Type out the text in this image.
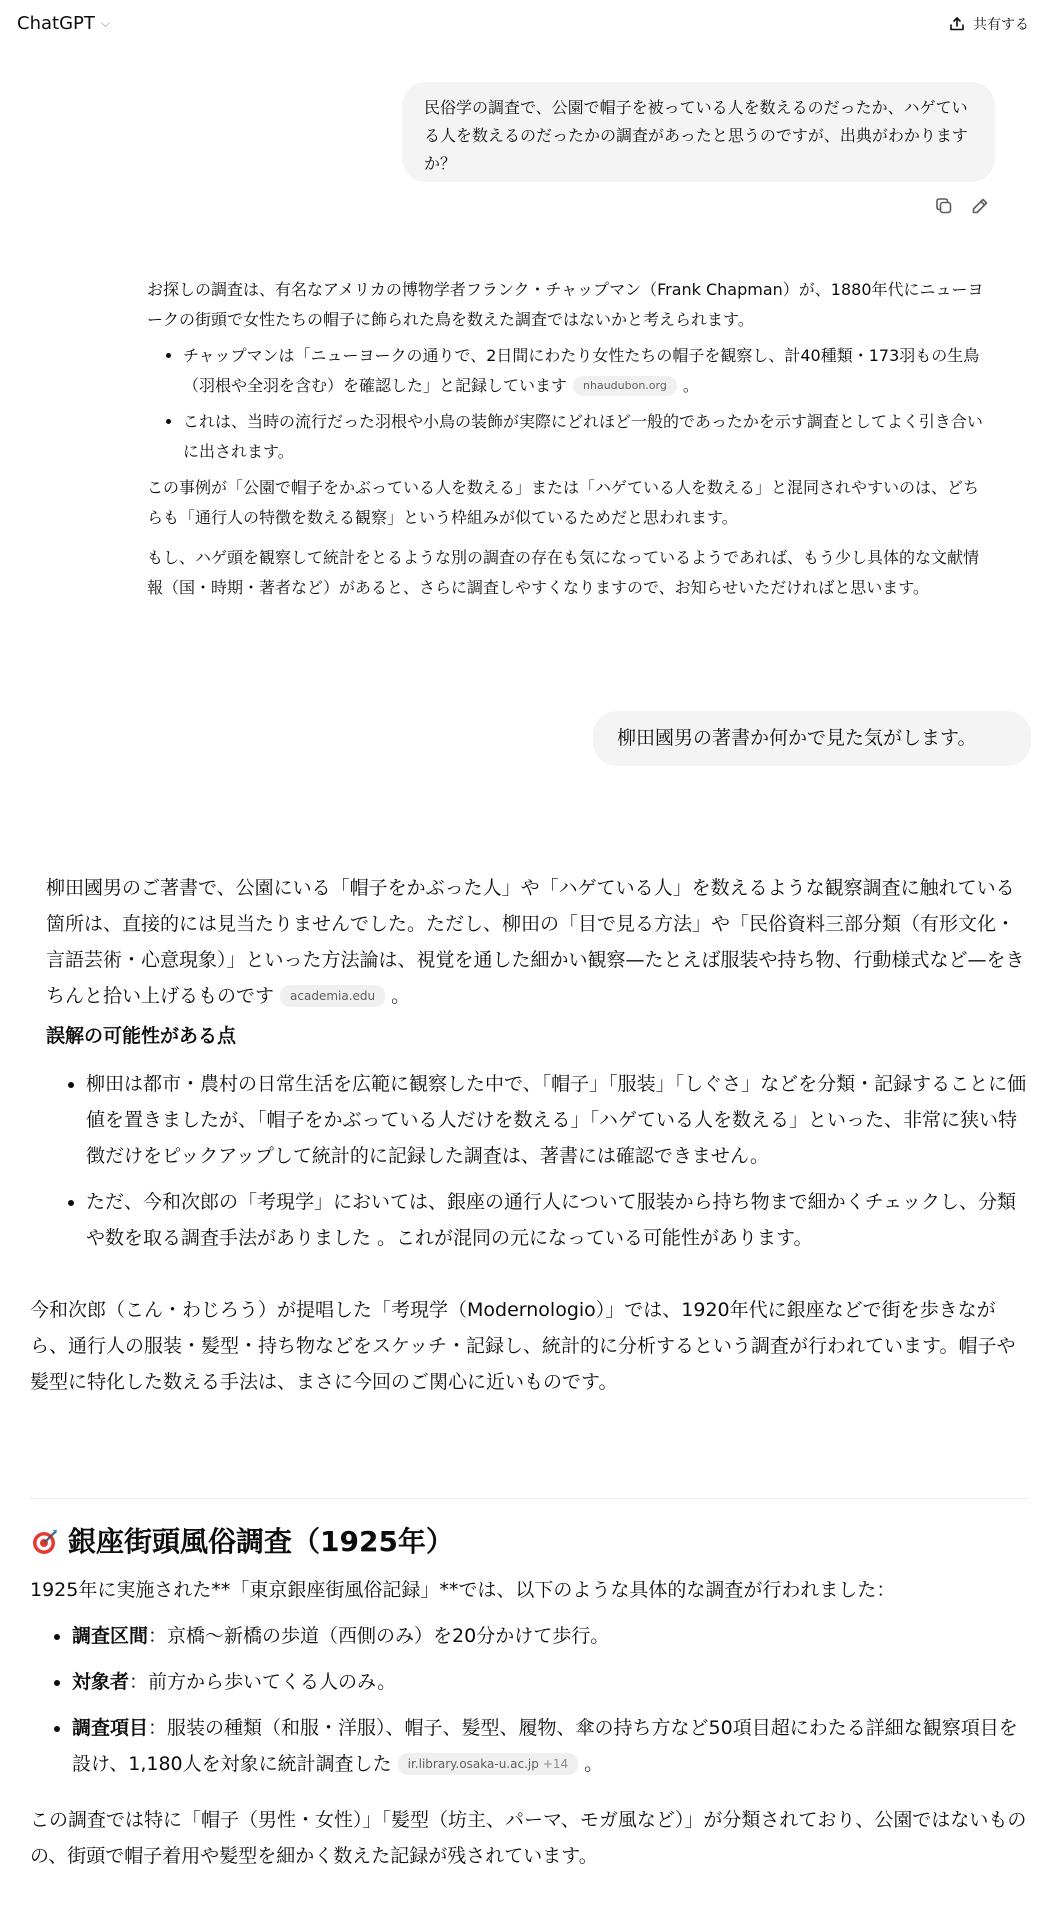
ChatGPT ⌵	共有する
民俗学の調査で、公園で帽子を被っている人を数えるのだったか、ハゲている人を数えるのだったかの調査があったと思うのですが、出典がわかりますか？

お探しの調査は、有名なアメリカの博物学者フランク・チャップマン（Frank Chapman）が、1880年代にニューヨークの街頭で女性たちの帽子に飾られた鳥を数えた調査ではないかと考えられます。

• チャップマンは「ニューヨークの通りで、2日間にわたり女性たちの帽子を観察し、計40種類・173羽もの生鳥（羽根や全羽を含む）を確認した」と記録しています nhaudubon.org 。
• これは、当時の流行だった羽根や小鳥の装飾が実際にどれほど一般的であったかを示す調査としてよく引き合いに出されます。

この事例が「公園で帽子をかぶっている人を数える」または「ハゲている人を数える」と混同されやすいのは、どちらも「通行人の特徴を数える観察」という枠組みが似ているためだと思われます。

もし、ハゲ頭を観察して統計をとるような別の調査の存在も気になっているようであれば、もう少し具体的な文献情報（国・時期・著者など）があると、さらに調査しやすくなりますので、お知らせいただければと思います。

柳田國男の著書か何かで見た気がします。

柳田國男のご著書で、公園にいる「帽子をかぶった人」や「ハゲている人」を数えるような観察調査に触れている箇所は、直接的には見当たりませんでした。ただし、柳田の「目で見る方法」や「民俗資料三部分類（有形文化・言語芸術・心意現象）」といった方法論は、視覚を通した細かい観察—たとえば服装や持ち物、行動様式など—をきちんと拾い上げるものです academia.edu 。

誤解の可能性がある点
• 柳田は都市・農村の日常生活を広範に観察した中で、「帽子」「服装」「しぐさ」などを分類・記録することに価値を置きましたが、「帽子をかぶっている人だけを数える」「ハゲている人を数える」といった、非常に狭い特徴だけをピックアップして統計的に記録した調査は、著書には確認できません。
• ただ、今和次郎の「考現学」においては、銀座の通行人について服装から持ち物まで細かくチェックし、分類や数を取る調査手法がありました 。これが混同の元になっている可能性があります。

今和次郎（こん・わじろう）が提唱した「考現学（Modernologio）」では、1920年代に銀座などで街を歩きながら、通行人の服装・髪型・持ち物などをスケッチ・記録し、統計的に分析するという調査が行われています。帽子や髪型に特化した数える手法は、まさに今回のご関心に近いものです。

銀座街頭風俗調査（1925年）

1925年に実施された**「東京銀座街風俗記録」**では、以下のような具体的な調査が行われました：

• 調査区間：京橋〜新橋の歩道（西側のみ）を20分かけて歩行。
• 対象者：前方から歩いてくる人のみ。
• 調査項目：服装の種類（和服・洋服）、帽子、髪型、履物、傘の持ち方など50項目超にわたる詳細な観察項目を設け、1,180人を対象に統計調査した ir.library.osaka-u.ac.jp +14 。

この調査では特に「帽子（男性・女性）」「髪型（坊主、パーマ、モガ風など）」が分類されており、公園ではないものの、街頭で帽子着用や髪型を細かく数えた記録が残されています。
